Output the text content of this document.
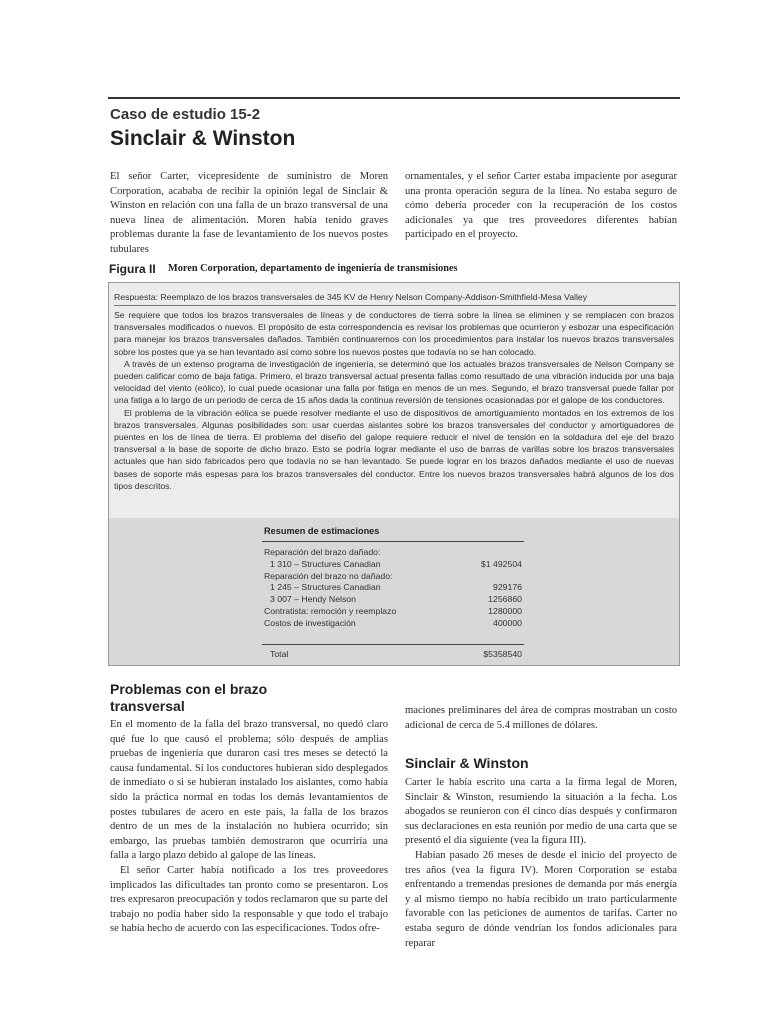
Caso de estudio 15-2
Sinclair & Winston
El señor Carter, vicepresidente de suministro de Moren Corporation, acababa de recibir la opinión legal de Sinclair & Winston en relación con una falla de un brazo transversal de una nueva línea de alimentación. Moren había tenido graves problemas durante la fase de levantamiento de los nuevos postes tubulares
ornamentales, y el señor Carter estaba impaciente por asegurar una pronta operación segura de la línea. No estaba seguro de cómo debería proceder con la recuperación de los costos adicionales ya que tres proveedores diferentes habían participado en el proyecto.
Figura II Moren Corporation, departamento de ingeniería de transmisiones
Respuesta: Reemplazo de los brazos transversales de 345 KV de Henry Nelson Company-Addison-Smithfield-Mesa Valley

Se requiere que todos los brazos transversales de líneas y de conductores de tierra sobre la línea se eliminen y se remplacen con brazos transversales modificados o nuevos. El propósito de esta correspondencia es revisar los problemas que ocurrieron y esbozar una especificación para manejar los brazos transversales dañados. También continuaremos con los procedimientos para instalar los nuevos brazos transversales sobre los postes que ya se han levantado así como sobre los nuevos postes que todavía no se han colocado.

A través de un extenso programa de investigación de ingeniería, se determinó que los actuales brazos transversales de Nelson Company se pueden calificar como de baja fatiga. Primero, el brazo transversal actual presenta fallas como resultado de una vibración inducida por una baja velocidad del viento (eólico), lo cual puede ocasionar una falla por fatiga en menos de un mes. Segundo, el brazo transversal puede fallar por una fatiga a lo largo de un periodo de cerca de 15 años dada la continua reversión de tensiones ocasionadas por el galope de los conductores.

El problema de la vibración eólica se puede resolver mediante el uso de dispositivos de amortiguamiento montados en los extremos de los brazos transversales. Algunas posibilidades son: usar cuerdas aislantes sobre los brazos transversales del conductor y amortiguadores de puentes en los de línea de tierra. El problema del diseño del galope requiere reducir el nivel de tensión en la soldadura del eje del brazo transversal a la base de soporte de dicho brazo. Esto se podría lograr mediante el uso de barras de varillas sobre los brazos transversales actuales que han sido fabricados pero que todavía no se han levantado. Se puede lograr en los brazos dañados mediante el uso de nuevas bases de soporte más espesas para los brazos transversales del conductor. Entre los nuevos brazos transversales habrá algunos de los dos tipos descritos.

Resumen de estimaciones
Reparación del brazo dañado:
1 310 – Structures Canadian	$1 492504
Reparación del brazo no dañado:
1 245 – Structures Canadian	929176
3 007 – Hendy Nelson	1256860
Contratista: remoción y reemplazo	1280000
Costos de investigación	400000
Total	$5358540
Problemas con el brazo transversal

En el momento de la falla del brazo transversal, no quedó claro qué fue lo que causó el problema; sólo después de amplias pruebas de ingeniería que duraron casi tres meses se detectó la causa fundamental. Si los conductores hubieran sido desplegados de inmediato o si se hubieran instalado los aislantes, como había sido la práctica normal en todas los demás levantamientos de postes tubulares de acero en este país, la falla de los brazos dentro de un mes de la instalación no hubiera ocurrido; sin embargo, las pruebas también demostraron que ocurriría una falla a largo plazo debido al galope de las líneas.

El señor Carter había notificado a los tres proveedores implicados las dificultades tan pronto como se presentaron. Los tres expresaron preocupación y todos reclamaron que su parte del trabajo no podía haber sido la responsable y que todo el trabajo se había hecho de acuerdo con las especificaciones. Todos ofre-

maciones preliminares del área de compras mostraban un costo adicional de cerca de 5.4 millones de dólares.

Sinclair & Winston

Carter le había escrito una carta a la firma legal de Moren, Sinclair & Winston, resumiendo la situación a la fecha. Los abogados se reunieron con él cinco días después y confirmaron sus declaraciones en esta reunión por medio de una carta que se presentó el día siguiente (vea la figura III).

Habían pasado 26 meses de desde el inicio del proyecto de tres años (vea la figura IV). Moren Corporation se estaba enfrentando a tremendas presiones de demanda por más energía y al mismo tiempo no había recibido un trato particularmente favorable con las peticiones de aumentos de tarifas. Carter no estaba seguro de dónde vendrían los fondos adicionales para reparar
